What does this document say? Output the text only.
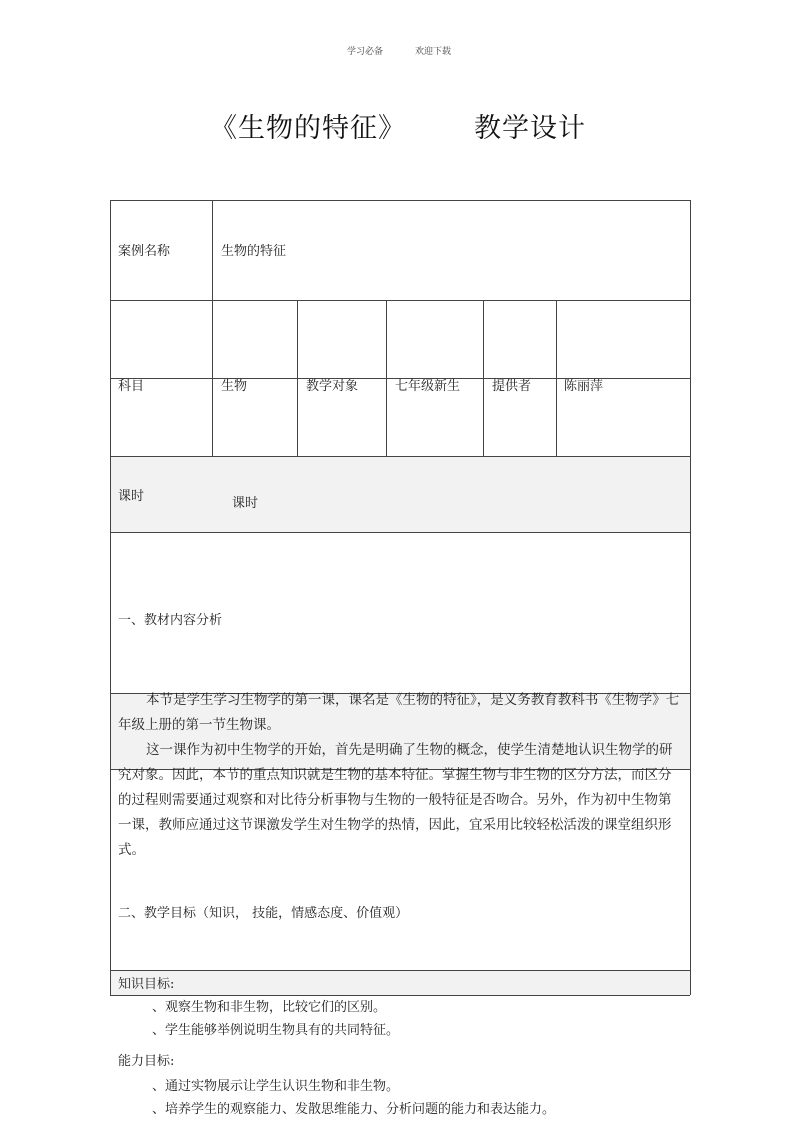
学习必备	欢迎下载
《生物的特征》	教学设计
案例名称	生物的特征
科目	生物	教学对象	七年级新生 提供者	陈丽萍
课时	课时
一、教材内容分析

本节是学生学习生物学的第一课，课名是《生物的特征》，是义务教育教科书《生物学》七年级上册的第一节生物课。

这一课作为初中生物学的开始，首先是明确了生物的概念，使学生清楚地认识生物学的研究对象。因此，本节的重点知识就是生物的基本特征。掌握生物与非生物的区分方法，而区分的过程则需要通过观察和对比待分析事物与生物的一般特征是否吻合。另外，作为初中生物第一课，教师应通过这节课激发学生对生物学的热情，因此，宜采用比较轻松活泼的课堂组织形式。

二、教学目标（知识， 技能，情感态度、价值观）
知识目标:
、观察生物和非生物，比较它们的区别。
、学生能够举例说明生物具有的共同特征。
能力目标:
、通过实物展示让学生认识生物和非生物。
、培养学生的观察能力、发散思维能力、分析问题的能力和表达能力。
